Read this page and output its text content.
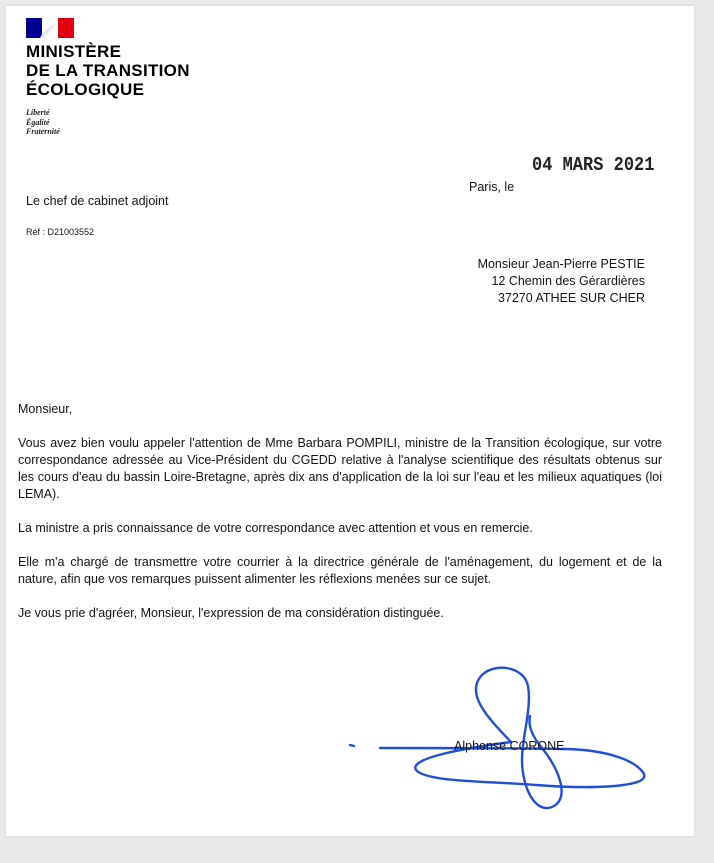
MINISTÈRE
DE LA TRANSITION
ÉCOLOGIQUE
Liberté
Égalité
Fraternité
04 MARS 2021
Paris, le
Le chef de cabinet adjoint
Réf : D21003552
Monsieur Jean-Pierre PESTIE
12 Chemin des Gérardières
37270 ATHEE SUR CHER
Monsieur,

Vous avez bien voulu appeler l'attention de Mme Barbara POMPILI, ministre de la Transition écologique, sur votre correspondance adressée au Vice-Président du CGEDD relative à l'analyse scientifique des résultats obtenus sur les cours d'eau du bassin Loire-Bretagne, après dix ans d'application de la loi sur l'eau et les milieux aquatiques (loi LEMA).

La ministre a pris connaissance de votre correspondance avec attention et vous en remercie.

Elle m'a chargé de transmettre votre courrier à la directrice générale de l'aménagement, du logement et de la nature, afin que vos remarques puissent alimenter les réflexions menées sur ce sujet.

Je vous prie d'agréer, Monsieur, l'expression de ma considération distinguée.

Alphonse CORONE
